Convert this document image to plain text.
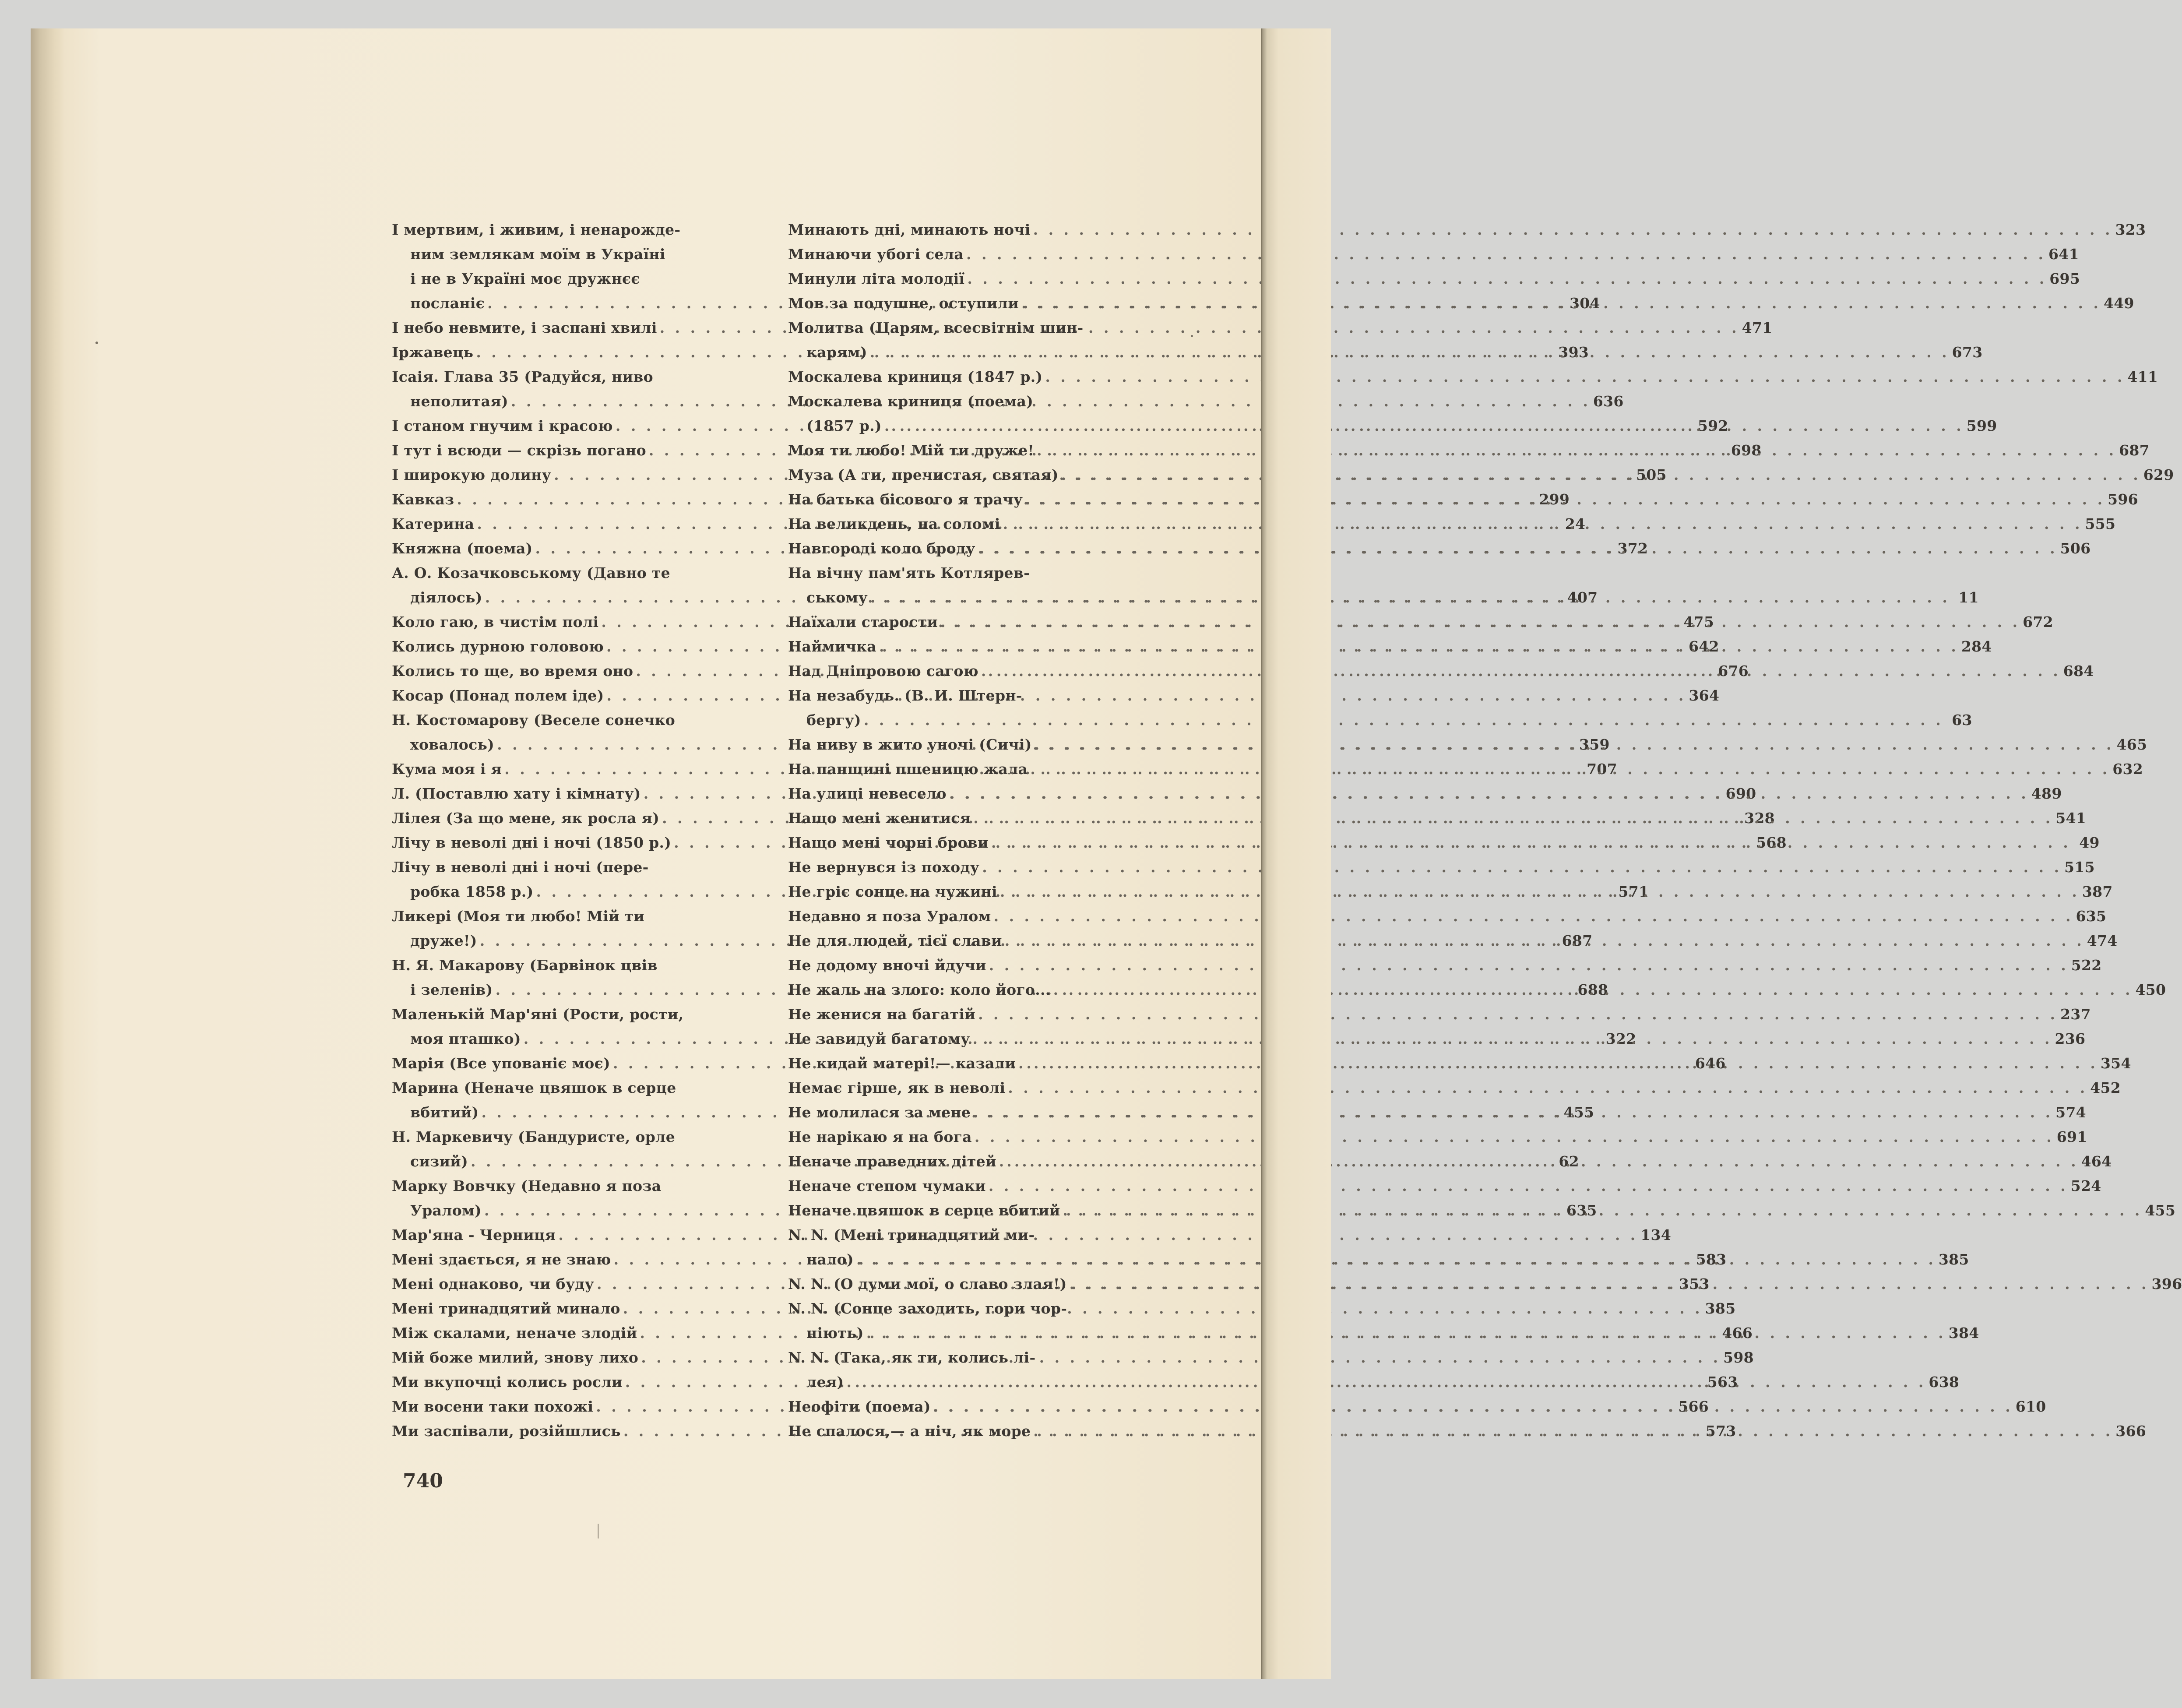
І мертвим, і живим, і ненарожде-
ним землякам моїм в Україні
і не в Україні моє дружнєє
посланіє . . .	304
І небо невмите, і заспані хвилі . . .	471
Іржавець . . .	393
Ісаія. Глава 35 (Радуйся, ниво
неполитая) . . .	636
І станом гнучим і красою . . .	592
І тут і всюди — скрізь погано . . .	698
І широкую долину . . .	505
Кавказ . . .	299
Катерина . . .	24
Княжна (поема) . . .	372
А. О. Козачковському (Давно те
діялось) . . .	407
Коло гаю, в чистім полі . . .	475
Колись дурною головою . . .	642
Колись то ще, во время оно . . .	676
Косар (Понад полем іде) . . .	364
Н. Костомарову (Веселе сонечко
ховалось) . . .	359
Кума моя і я . . .	707
Л. (Поставлю хату і кімнату) . . .	690
Лілея (За що мене, як росла я) . . .	328
Лічу в неволі дні і ночі (1850 р.) . . .	568
Лічу в неволі дні і ночі (пере-
робка 1858 р.) . . .	571
Ликері (Моя ти любо! Мій ти
друже!) . . .	687
Н. Я. Макарову (Барвінок цвів
і зеленів) . . .	688
Маленькій Мар'яні (Рости, рости,
моя пташко) . . .	322
Марія (Все упованіє моє) . . .	646
Марина (Неначе цвяшок в серце
вбитий) . . .	455
Н. Маркевичу (Бандуристе, орле
сизий) . . .	62
Марку Вовчку (Недавно я поза
Уралом) . . .	635
Мар'яна - Черниця . . .	134
Мені здається, я не знаю . . .	583
Мені однаково, чи буду . . .	353
Мені тринадцятий минало . . .	385
Між скалами, неначе злодій . . .	466
Мій боже милий, знову лихо . . .	598
Ми вкупочці колись росли . . .	563
Ми восени таки похожі . . .	566
Ми заспівали, розійшлись . . .	573
Минають дні, минають ночі . . .	323
Минаючи убогі села . . .	641
Минули літа молодії . . .	695
Мов за подушне, оступили . . .	449
Молитва (Царям, всесвітнім шин-
карям) . . .	673
Москалева криниця (1847 р.) . . .	411
Москалева криниця (поема)
(1857 р.) . . .	599
Моя ти любо! Мій ти друже! . . .	687
Муза (А ти, пречистая, святая) . . .	629
На батька бісового я трачу . . .	596
На великдень, на соломі . . .	555
Навгороді коло броду . . .	506
На вічну пам'ять Котлярев-
ському . . .	11
Наїхали старости . . .	672
Наймичка . . .	284
Над Дніпровою сагою . . .	684
На незабудь. (В. И. Штерн-
бергу) . . .	63
На ниву в жито уночі (Сичі) . . .	465
На панщині пшеницю жала . . .	632
На улиці невесело . . .	489
Нащо мені женитися . . .	541
Нащо мені чорні брови . . .	49
Не вернувся із походу . . .	515
Не гріє сонце на чужині . . .	387
Недавно я поза Уралом . . .	635
Не для людей, тієї слави . . .	474
Не додому вночі йдучи . . .	522
Не жаль на злого: коло його... . . .	450
Не женися на багатій . . .	237
Не завидуй багатому . . .	236
Не кидай матері!— казали . . .	354
Немає гірше, як в неволі . . .	452
Не молилася за мене . . .	574
Не нарікаю я на бога . . .	691
Неначе праведних дітей . . .	464
Неначе степом чумаки . . .	524
Неначе цвяшок в серце вбитий . . .	455
N. N. (Мені тринадцятий ми-
нало) . . .	385
N. N. (О думи мої, о славо злая!) . . .	396
N. N. (Сонце заходить, гори чор-
ніють) . . .	384
N. N. (Така, як ти, колись лі-
лея) . . .	638
Неофіти (поема) . . .	610
Не спалося,— а ніч, як море . . .	366
740
